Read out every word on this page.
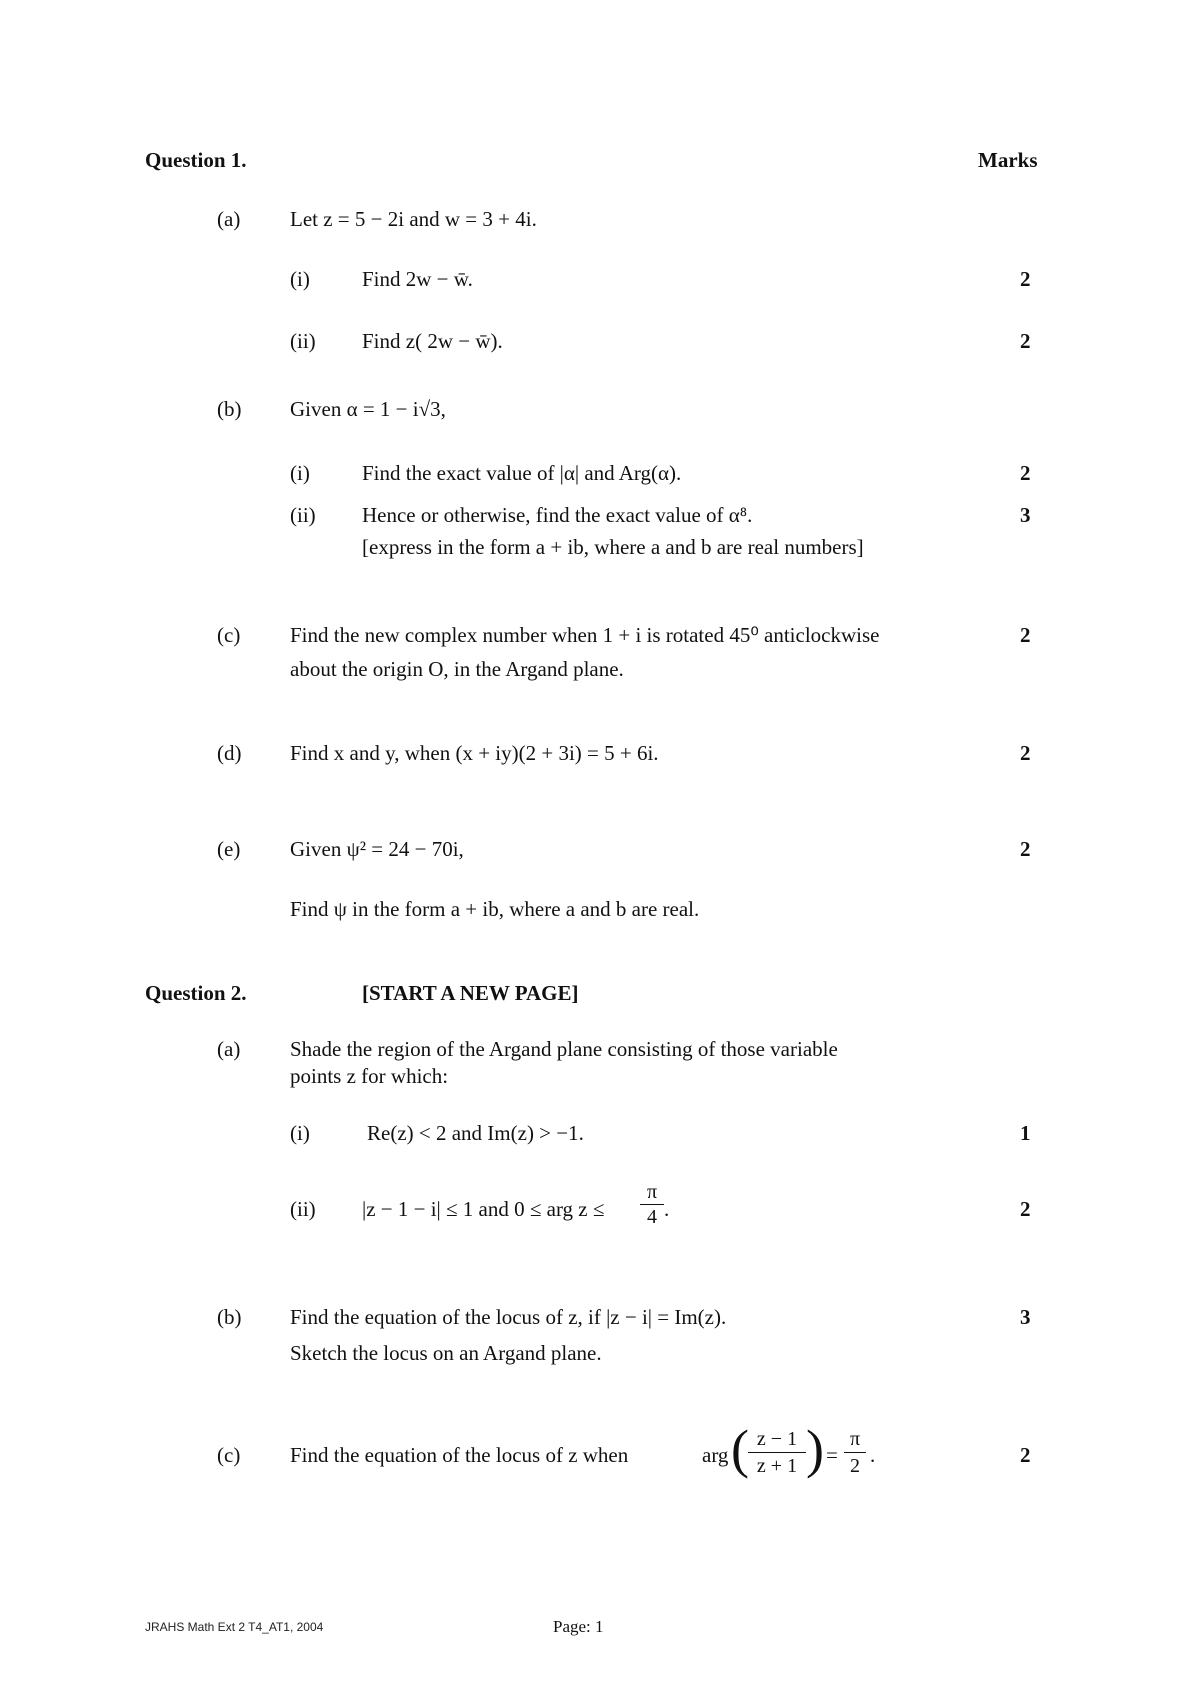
Question 1.	Marks
(a) Let z = 5 − 2i and w = 3 + 4i.
(i) Find 2w − w̄.	2
(ii) Find z( 2w − w̄).	2
(b) Given α = 1 − i√3,
(i) Find the exact value of |α| and Arg(α).	2
(ii) Hence or otherwise, find the exact value of α⁸.	3
[express in the form a + ib, where a and b are real numbers]
(c) Find the new complex number when 1 + i is rotated 45⁰ anticlockwise	2
about the origin O, in the Argand plane.
(d) Find x and y, when (x + iy)(2 + 3i) = 5 + 6i.	2
(e) Given ψ² = 24 − 70i,	2
Find ψ in the form a + ib, where a and b are real.
Question 2.	[START A NEW PAGE]
(a) Shade the region of the Argand plane consisting of those variable
points z for which:
(i)	Re(z) < 2 and Im(z) > −1.	1
(ii) |z − 1 − i| ≤ 1 and 0 ≤ arg $z \le \frac{\pi}{4}$ .	2
(b) Find the equation of the locus of z, if |z − i| = Im(z).	3
Sketch the locus on an Argand plane.
(c) Find the equation of the locus of z when	arg ( $\frac{z - 1}{z + 1}$ ) = $\frac{\pi}{2}$ .	2
JRAHS Math Ext 2 T4_AT1, 2004	Page: 1
